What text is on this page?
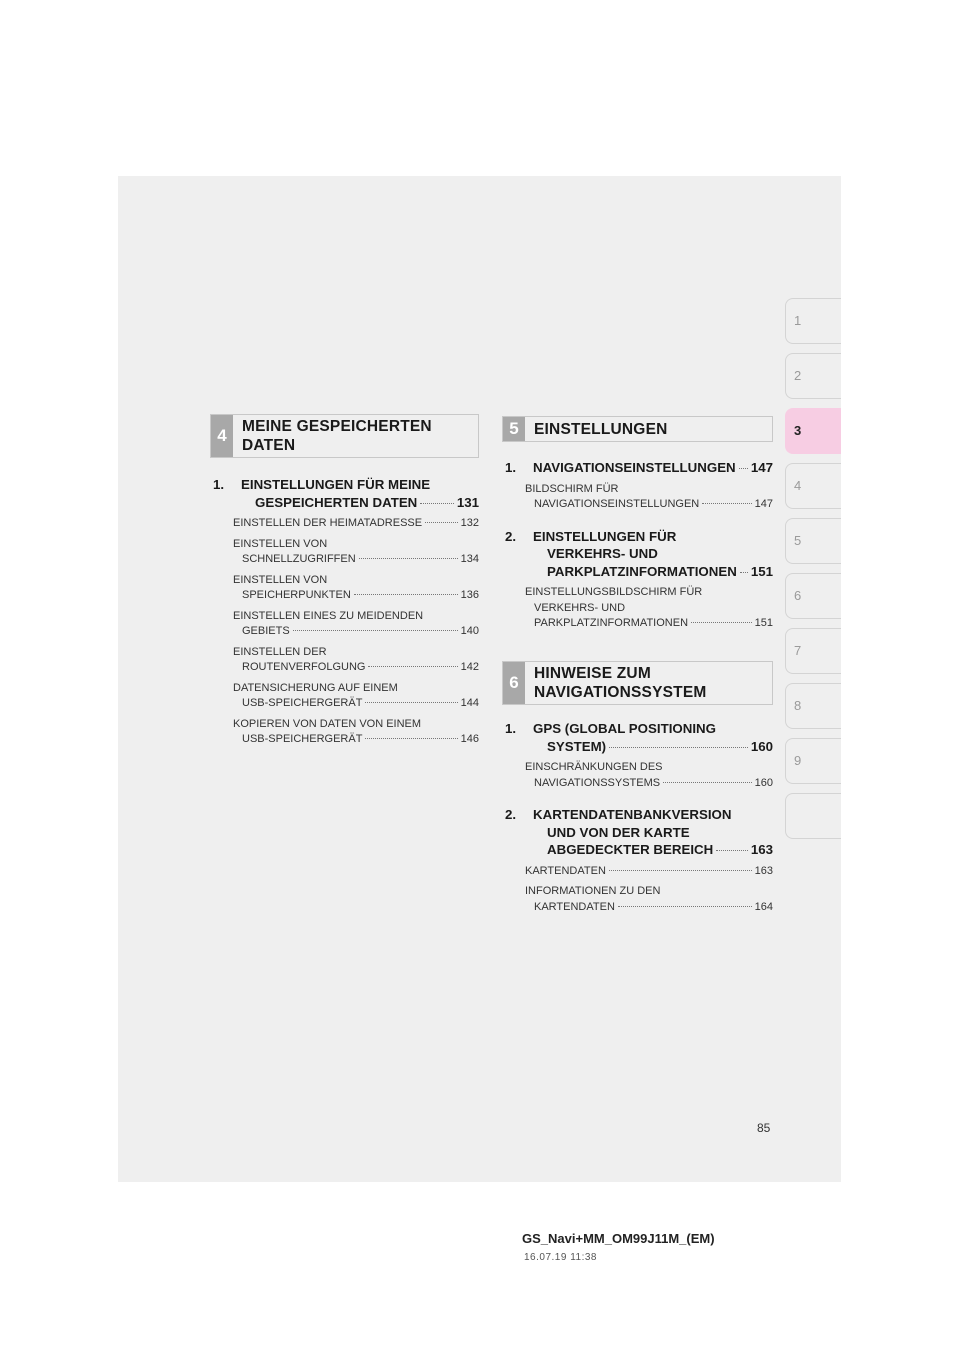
1
2
3
4
5
6
7
8
9
4 MEINE GESPEICHERTEN DATEN
1.	EINSTELLUNGEN FÜR MEINE
GESPEICHERTEN DATEN	131
EINSTELLEN DER HEIMATADRESSE	132
EINSTELLEN VON
SCHNELLZUGRIFFEN	134
EINSTELLEN VON
SPEICHERPUNKTEN	136
EINSTELLEN EINES ZU MEIDENDEN
GEBIETS	140
EINSTELLEN DER
ROUTENVERFOLGUNG	142
DATENSICHERUNG AUF EINEM
USB-SPEICHERGERÄT	144
KOPIEREN VON DATEN VON EINEM
USB-SPEICHERGERÄT	146
5 EINSTELLUNGEN
1.	NAVIGATIONSEINSTELLUNGEN 147
BILDSCHIRM FÜR
NAVIGATIONSEINSTELLUNGEN	147
2.	EINSTELLUNGEN FÜR
VERKEHRS- UND
PARKPLATZINFORMATIONEN 151
EINSTELLUNGSBILDSCHIRM FÜR
VERKEHRS- UND
PARKPLATZINFORMATIONEN	151
6 HINWEISE ZUM NAVIGATIONSSYSTEM
1.	GPS (GLOBAL POSITIONING
SYSTEM)	160
EINSCHRÄNKUNGEN DES
NAVIGATIONSSYSTEMS	160
2.	KARTENDATENBANKVERSION
UND VON DER KARTE
ABGEDECKTER BEREICH	163
KARTENDATEN	163
INFORMATIONEN ZU DEN
KARTENDATEN	164
85
GS_Navi+MM_OM99J11M_(EM)
16.07.19 11:38
